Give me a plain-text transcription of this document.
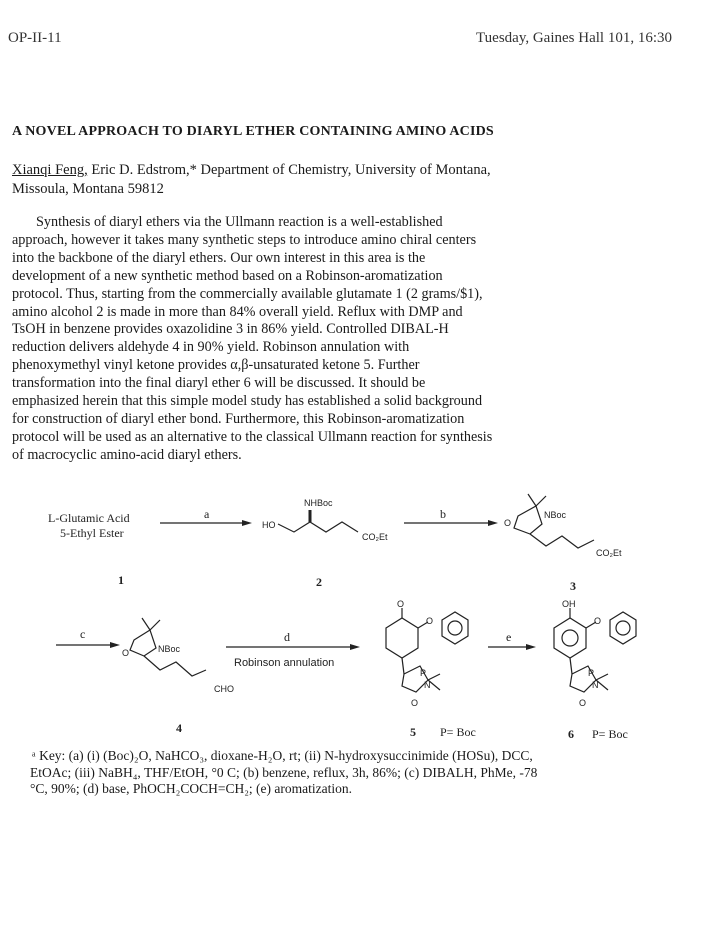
OP-II-11	Tuesday, Gaines Hall 101, 16:30
A NOVEL APPROACH TO DIARYL ETHER CONTAINING AMINO ACIDS
Xianqi Feng, Eric D. Edstrom,* Department of Chemistry, University of Montana,
Missoula, Montana 59812
Synthesis of diaryl ethers via the Ullmann reaction is a well-established
approach, however it takes many synthetic steps to introduce amino chiral centers
into the backbone of the diaryl ethers. Our own interest in this area is the
development of a new synthetic method based on a Robinson-aromatization
protocol. Thus, starting from the commercially available glutamate 1 (2 grams/$1),
amino alcohol 2 is made in more than 84% overall yield. Reflux with DMP and
TsOH in benzene provides oxazolidine 3 in 86% yield. Controlled DIBAL-H
reduction delivers aldehyde 4 in 90% yield. Robinson annulation with
phenoxymethyl vinyl ketone provides α,β-unsaturated ketone 5. Further
transformation into the final diaryl ether 6 will be discussed. It should be
emphasized herein that this simple model study has established a solid background
for construction of diaryl ether bond. Furthermore, this Robinson-aromatization
protocol will be used as an alternative to the classical Ullmann reaction for synthesis
of macrocyclic amino-acid diaryl ethers.
L-Glutamic Acid
5-Ethyl Ester
1
a
HO
NHBoc
CO₂Et
2
b
O
NBoc
CO₂Et
3
c
O	NBoc
CHO
4
d
Robinson annulation
O
O
P
N
O
5 P= Boc
e
OH
O
P
N
O
6 P= Boc
ᵃ Key: (a) (i) (Boc)₂O, NaHCO₃, dioxane-H₂O, rt; (ii) N-hydroxysuccinimide (HOSu), DCC,
EtOAc; (iii) NaBH₄, THF/EtOH, °0 C; (b) benzene, reflux, 3h, 86%; (c) DIBALH, PhMe, -78
°C, 90%; (d) base, PhOCH₂COCH=CH₂; (e) aromatization.
